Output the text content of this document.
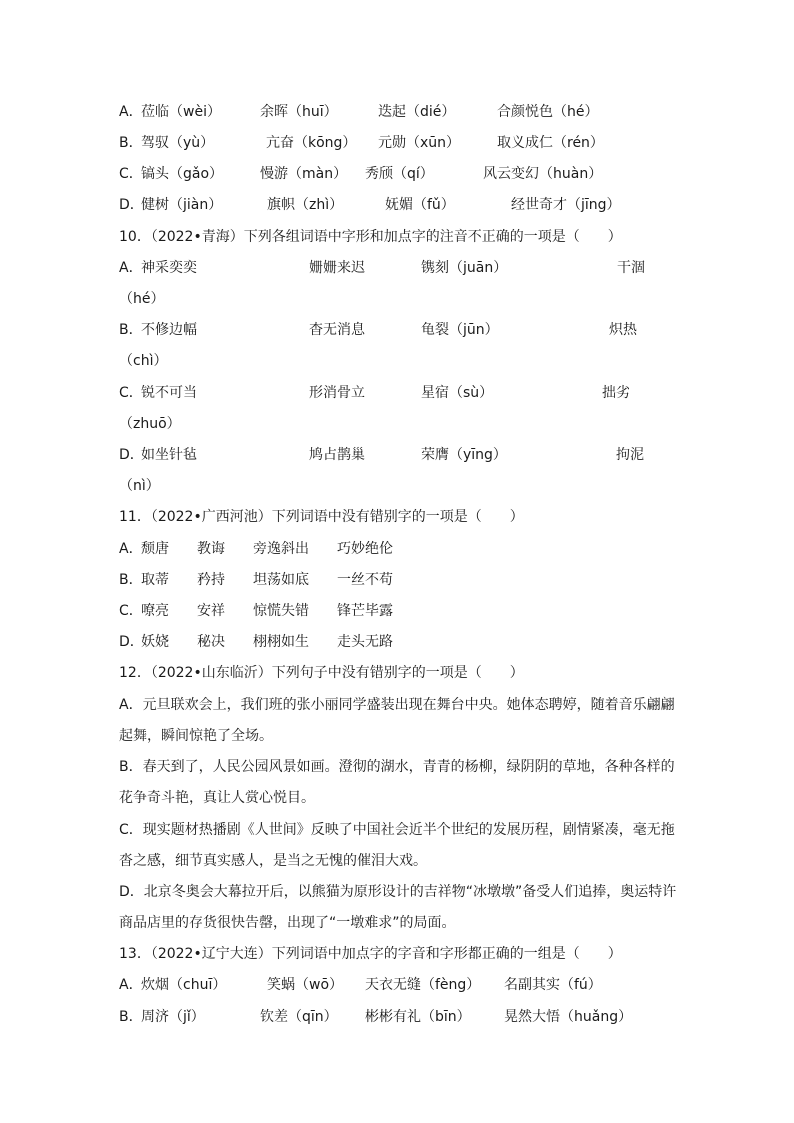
A．
莅临（wèi）	余晖（huī）	迭起（dié）	合颜悦色（hé）
B．
驾驭（yù）	亢奋（kōng） 元勋（xūn）	取义成仁（rén）
C．
镐头（gǎo）	慢游（màn） 秀颀（qí）	风云变幻（huàn）
D．
健树（jiàn）	旗帜（zhì）	妩媚（fǔ）	经世奇才（jīng）
10．（2022•青海）下列各组词语中字形和加点字的注音不正确的一项是（　　）
A．
神采奕奕	姗姗来迟	镌刻（juān）	干涸
（hé）
B．
不修边幅	杳无消息	龟裂（jūn）	炽热
（chì）
C．
锐不可当	形消骨立	星宿（sù）	拙劣
（zhuō）
D．
如坐针毡	鸠占鹊巢	荣膺（yīng）	拘泥
（nì）
11．（2022•广西河池）下列词语中没有错别字的一项是（　　）
A．
颓唐 教诲 旁逸斜出 巧妙绝伦
B．
取蒂 矜持 坦荡如底 一丝不苟
C．
嘹亮 安祥 惊慌失错 锋芒毕露
D．
妖娆 秘决 栩栩如生 走头无路
12．（2022•山东临沂）下列句子中没有错别字的一项是（　　）
A．元旦联欢会上，我们班的张小丽同学盛装出现在舞台中央。她体态聘婷，随着音乐翩翩起舞，瞬间惊艳了全场。
B．春天到了，人民公园风景如画。澄彻的湖水，青青的杨柳，绿阴阴的草地，各种各样的花争奇斗艳，真让人赏心悦目。
C．现实题材热播剧《人世间》反映了中国社会近半个世纪的发展历程，剧情紧凑，毫无拖沓之感，细节真实感人，是当之无愧的催泪大戏。
D．北京冬奥会大幕拉开后，以熊猫为原形设计的吉祥物“冰墩墩”备受人们追捧，奥运特许商品店里的存货很快告罄，出现了“一墩难求”的局面。
13．（2022•辽宁大连）下列词语中加点字的字音和字形都正确的一组是（　　）
A．
炊烟（chuī）	笑蜗（wō） 天衣无缝（fèng） 名副其实（fú）
B．
周济（jǐ）	钦差（qīn） 彬彬有礼（bīn） 晃然大悟（huǎng）
